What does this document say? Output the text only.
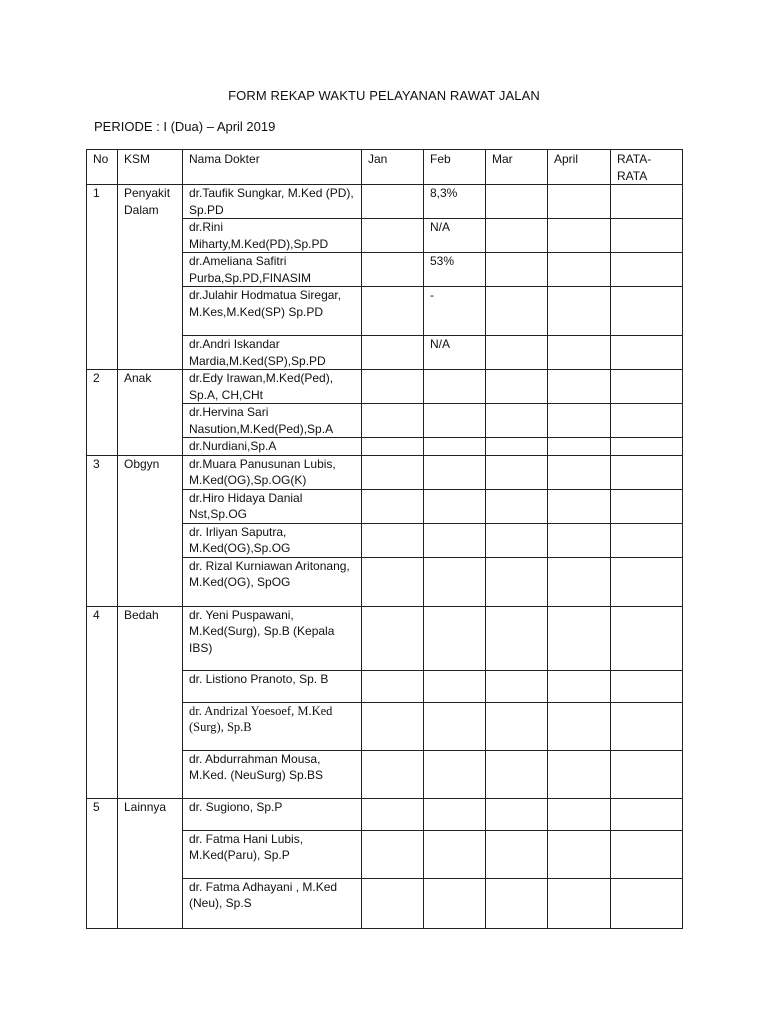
FORM REKAP WAKTU PELAYANAN RAWAT JALAN
PERIODE : I (Dua) – April 2019
No	KSM	Nama Dokter	Jan	Feb	Mar	April	RATA-RATA
1	Penyakit Dalam	dr.Taufik Sungkar, M.Ked (PD), Sp.PD		8,3%			
		dr.Rini Miharty,M.Ked(PD),Sp.PD		N/A			
		dr.Ameliana Safitri Purba,Sp.PD,FINASIM		53%			
		dr.Julahir Hodmatua Siregar, M.Kes,M.Ked(SP) Sp.PD		-			
		dr.Andri Iskandar Mardia,M.Ked(SP),Sp.PD		N/A			
2	Anak	dr.Edy Irawan,M.Ked(Ped), Sp.A, CH,CHt					
		dr.Hervina Sari Nasution,M.Ked(Ped),Sp.A					
		dr.Nurdiani,Sp.A					
3	Obgyn	dr.Muara Panusunan Lubis, M.Ked(OG),Sp.OG(K)					
		dr.Hiro Hidaya Danial Nst,Sp.OG					
		dr. Irliyan Saputra, M.Ked(OG),Sp.OG					
		dr. Rizal Kurniawan Aritonang, M.Ked(OG), SpOG					
4	Bedah	dr. Yeni Puspawani, M.Ked(Surg), Sp.B (Kepala IBS)					
		dr. Listiono Pranoto, Sp. B					
		dr. Andrizal Yoesoef, M.Ked (Surg), Sp.B					
		dr. Abdurrahman Mousa, M.Ked. (NeuSurg) Sp.BS					
5	Lainnya	dr. Sugiono, Sp.P					
		dr. Fatma Hani Lubis, M.Ked(Paru), Sp.P					
		dr. Fatma Adhayani , M.Ked (Neu), Sp.S					
